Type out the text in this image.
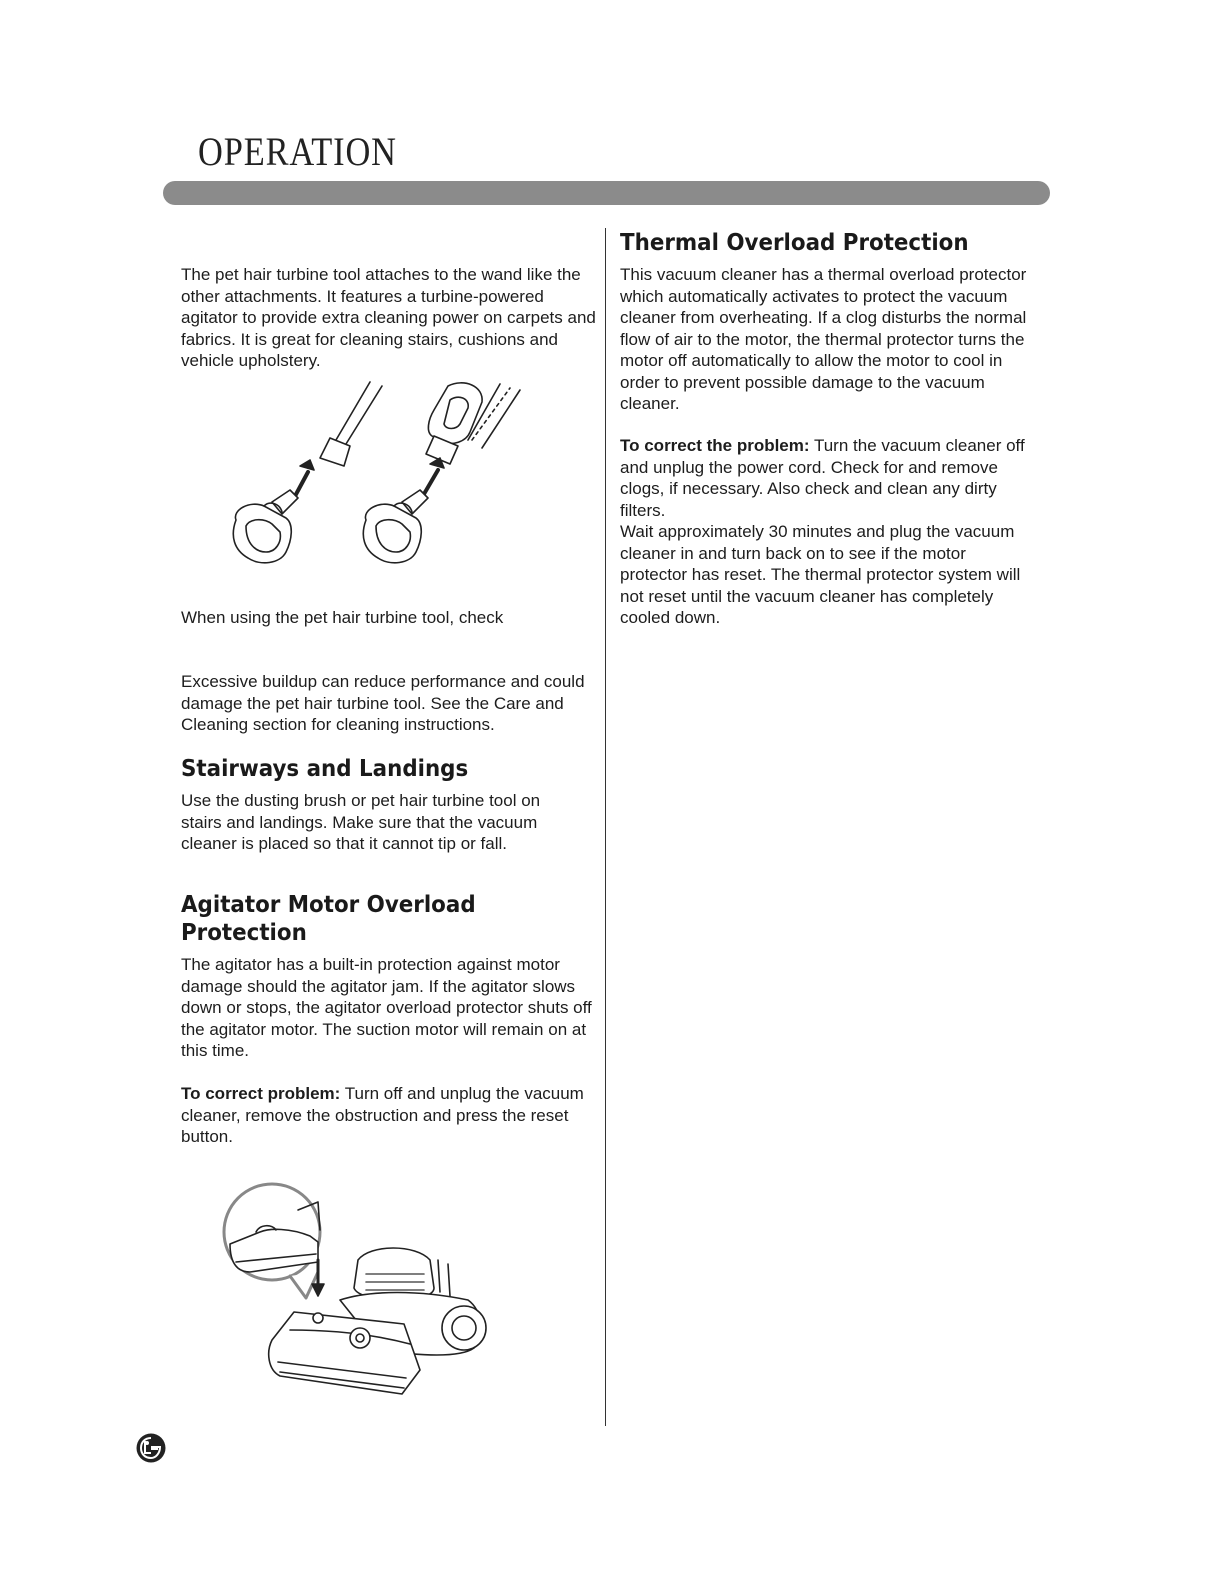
OPERATION

The pet hair turbine tool attaches to the wand like the other attachments. It features a turbine-powered agitator to provide extra cleaning power on carpets and fabrics. It is great for cleaning stairs, cushions and vehicle upholstery.

When using the pet hair turbine tool, check

Excessive buildup can reduce performance and could damage the pet hair turbine tool. See the Care and Cleaning section for cleaning instructions.

Stairways and Landings

Use the dusting brush or pet hair turbine tool on stairs and landings. Make sure that the vacuum cleaner is placed so that it cannot tip or fall.

Agitator Motor Overload
Protection

The agitator has a built-in protection against motor damage should the agitator jam. If the agitator slows down or stops, the agitator overload protector shuts off the agitator motor. The suction motor will remain on at this time.

To correct problem: Turn off and unplug the vacuum cleaner, remove the obstruction and press the reset button.

Thermal Overload Protection

This vacuum cleaner has a thermal overload protector which automatically activates to protect the vacuum cleaner from overheating. If a clog disturbs the normal flow of air to the motor, the thermal protector turns the motor off automatically to allow the motor to cool in order to prevent possible damage to the vacuum cleaner.

To correct the problem: Turn the vacuum cleaner off and unplug the power cord. Check for and remove clogs, if necessary. Also check and clean any dirty filters.

Wait approximately 30 minutes and plug the vacuum cleaner in and turn back on to see if the motor protector has reset. The thermal protector system will not reset until the vacuum cleaner has completely cooled down.
